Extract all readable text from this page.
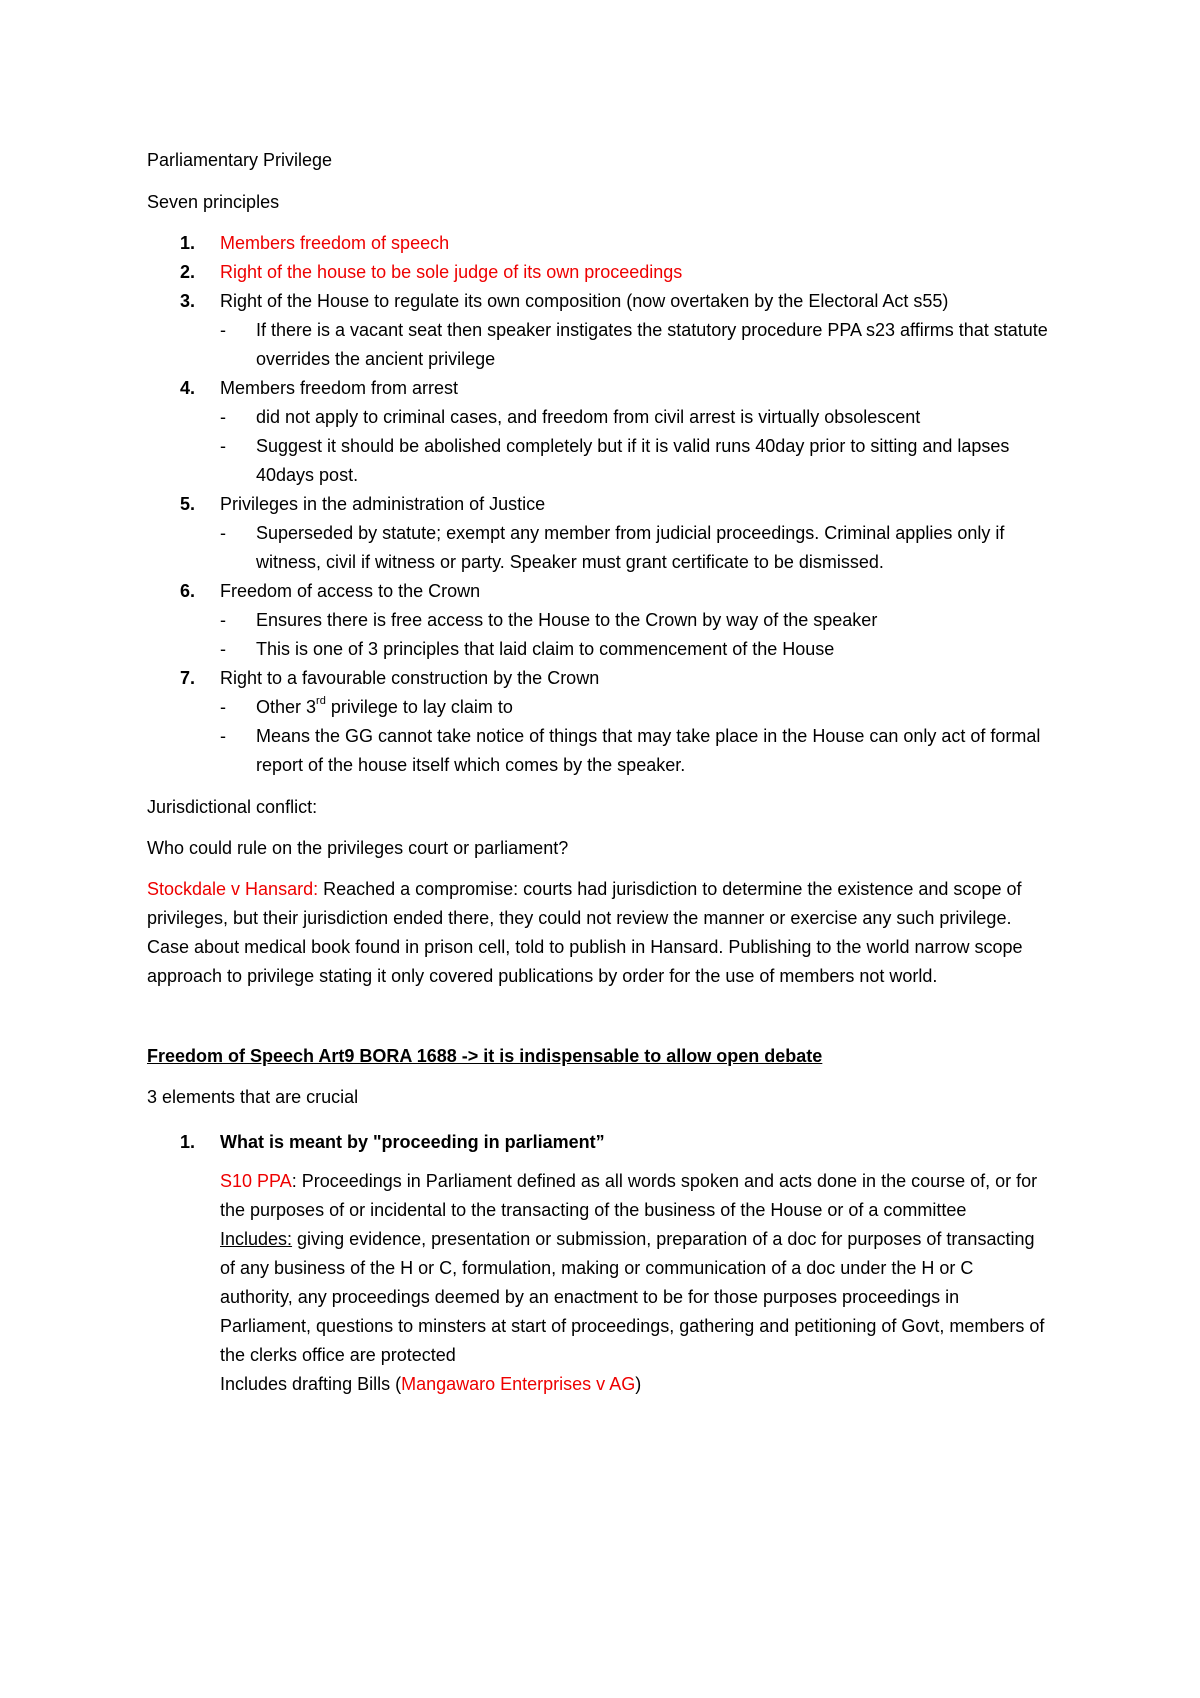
Parliamentary Privilege
Seven principles
1. Members freedom of speech
2. Right of the house to be sole judge of its own proceedings
3. Right of the House to regulate its own composition (now overtaken by the Electoral Act s55)
- If there is a vacant seat then speaker instigates the statutory procedure PPA s23 affirms that statute overrides the ancient privilege
4. Members freedom from arrest
- did not apply to criminal cases, and freedom from civil arrest is virtually obsolescent
- Suggest it should be abolished completely but if it is valid runs 40day prior to sitting and lapses 40days post.
5. Privileges in the administration of Justice
- Superseded by statute; exempt any member from judicial proceedings. Criminal applies only if witness, civil if witness or party. Speaker must grant certificate to be dismissed.
6. Freedom of access to the Crown
- Ensures there is free access to the House to the Crown by way of the speaker
- This is one of 3 principles that laid claim to commencement of the House
7. Right to a favourable construction by the Crown
- Other 3rd privilege to lay claim to
- Means the GG cannot take notice of things that may take place in the House can only act of formal report of the house itself which comes by the speaker.
Jurisdictional conflict:
Who could rule on the privileges court or parliament?
Stockdale v Hansard: Reached a compromise: courts had jurisdiction to determine the existence and scope of privileges, but their jurisdiction ended there, they could not review the manner or exercise any such privilege. Case about medical book found in prison cell, told to publish in Hansard. Publishing to the world narrow scope approach to privilege stating it only covered publications by order for the use of members not world.
Freedom of Speech Art9 BORA 1688 -> it is indispensable to allow open debate
3 elements that are crucial
1. What is meant by "proceeding in parliament”
S10 PPA: Proceedings in Parliament defined as all words spoken and acts done in the course of, or for the purposes of or incidental to the transacting of the business of the House or of a committee
Includes: giving evidence, presentation or submission, preparation of a doc for purposes of transacting of any business of the H or C, formulation, making or communication of a doc under the H or C authority, any proceedings deemed by an enactment to be for those purposes proceedings in Parliament, questions to minsters at start of proceedings, gathering and petitioning of Govt, members of the clerks office are protected
Includes drafting Bills (Mangawaro Enterprises v AG)
